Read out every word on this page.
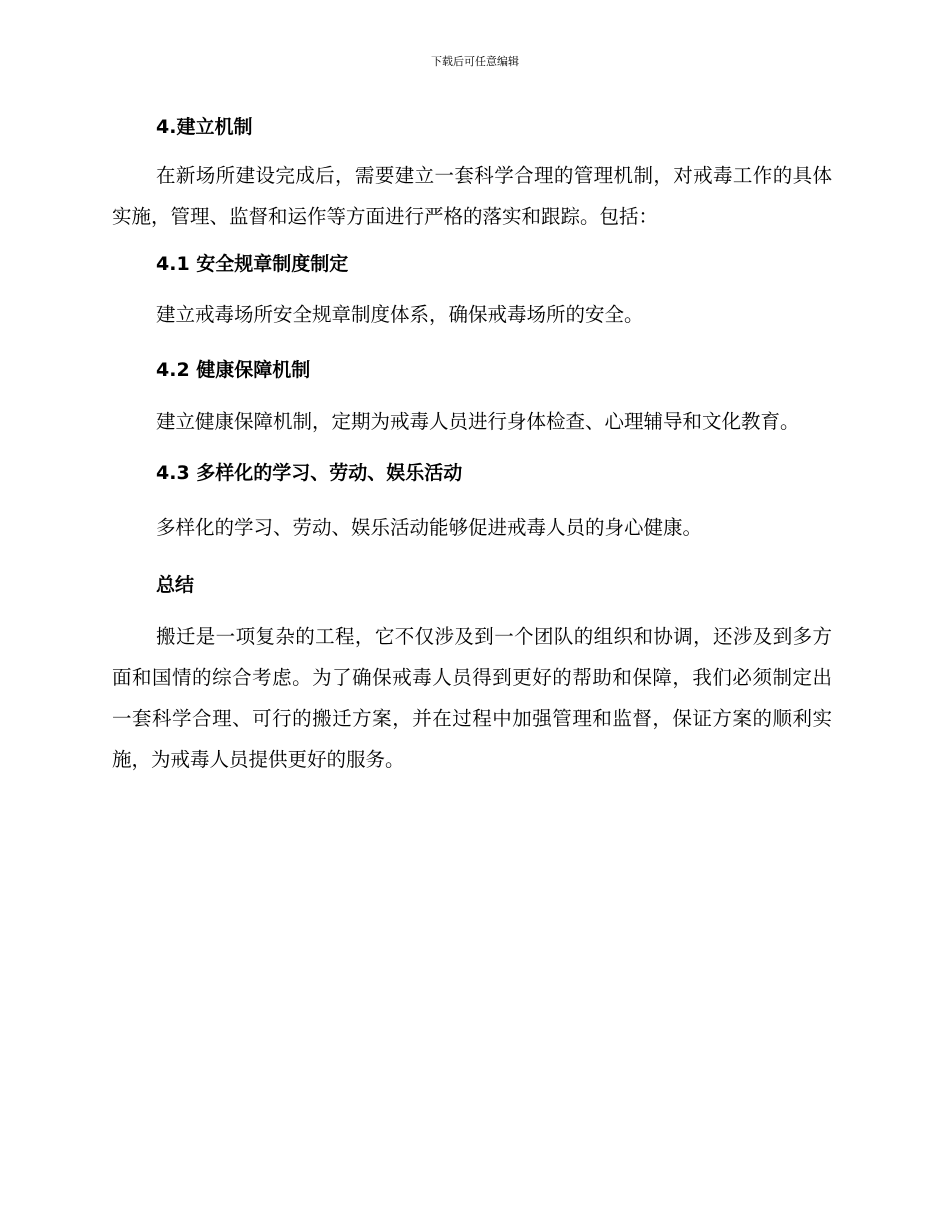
下载后可任意编辑
4.建立机制

在新场所建设完成后，需要建立一套科学合理的管理机制，对戒毒工作的具体实施，管理、监督和运作等方面进行严格的落实和跟踪。包括：

4.1 安全规章制度制定

建立戒毒场所安全规章制度体系，确保戒毒场所的安全。

4.2 健康保障机制

建立健康保障机制，定期为戒毒人员进行身体检查、心理辅导和文化教育。

4.3 多样化的学习、劳动、娱乐活动

多样化的学习、劳动、娱乐活动能够促进戒毒人员的身心健康。

总结

搬迁是一项复杂的工程，它不仅涉及到一个团队的组织和协调，还涉及到多方面和国情的综合考虑。为了确保戒毒人员得到更好的帮助和保障，我们必须制定出一套科学合理、可行的搬迁方案，并在过程中加强管理和监督，保证方案的顺利实施，为戒毒人员提供更好的服务。
